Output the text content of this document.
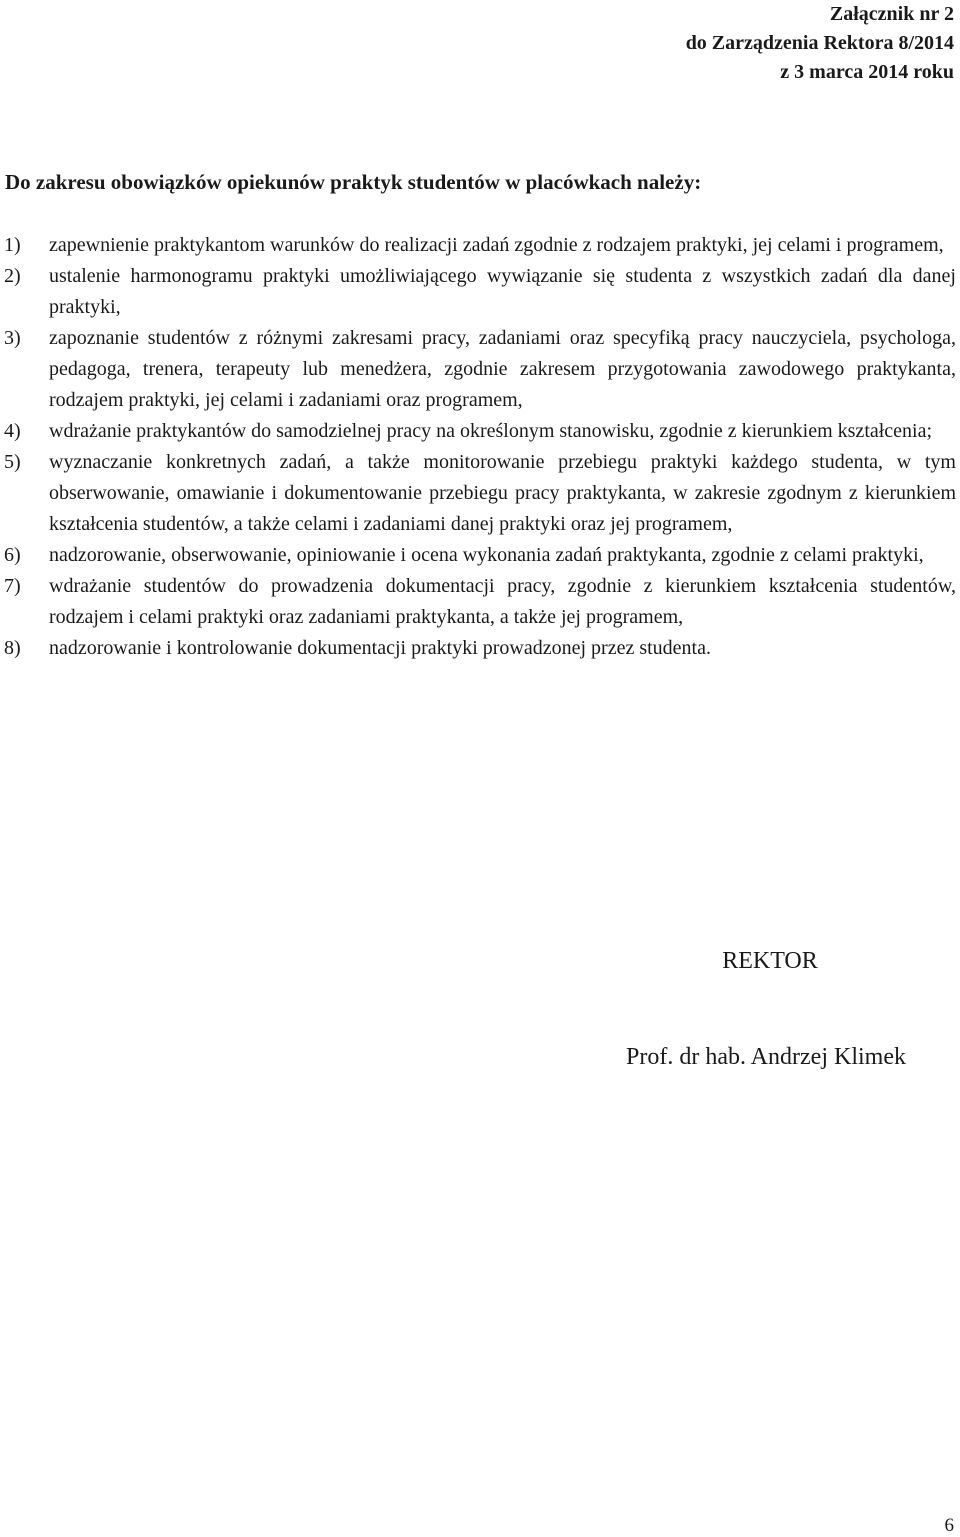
Załącznik nr 2
do Zarządzenia Rektora 8/2014
z 3 marca 2014 roku
Do zakresu obowiązków opiekunów praktyk studentów w placówkach należy:
1) zapewnienie praktykantom warunków do realizacji zadań zgodnie z rodzajem praktyki, jej celami i programem,
2) ustalenie harmonogramu praktyki umożliwiającego wywiązanie się studenta z wszystkich zadań dla danej praktyki,
3) zapoznanie studentów z różnymi zakresami pracy, zadaniami oraz specyfiką pracy nauczyciela, psychologa, pedagoga, trenera, terapeuty lub menedżera, zgodnie zakresem przygotowania zawodowego praktykanta, rodzajem praktyki, jej celami i zadaniami oraz programem,
4) wdrażanie praktykantów do samodzielnej pracy na określonym stanowisku, zgodnie z kierunkiem kształcenia;
5) wyznaczanie konkretnych zadań, a także monitorowanie przebiegu praktyki każdego studenta, w tym obserwowanie, omawianie i dokumentowanie przebiegu pracy praktykanta, w zakresie zgodnym z kierunkiem kształcenia studentów, a także celami i zadaniami danej praktyki oraz jej programem,
6) nadzorowanie, obserwowanie, opiniowanie i ocena wykonania zadań praktykanta, zgodnie z celami praktyki,
7) wdrażanie studentów do prowadzenia dokumentacji pracy, zgodnie z kierunkiem kształcenia studentów, rodzajem i celami praktyki oraz zadaniami praktykanta, a także jej programem,
8) nadzorowanie i kontrolowanie dokumentacji praktyki prowadzonej przez studenta.
REKTOR
Prof. dr hab. Andrzej Klimek
6
